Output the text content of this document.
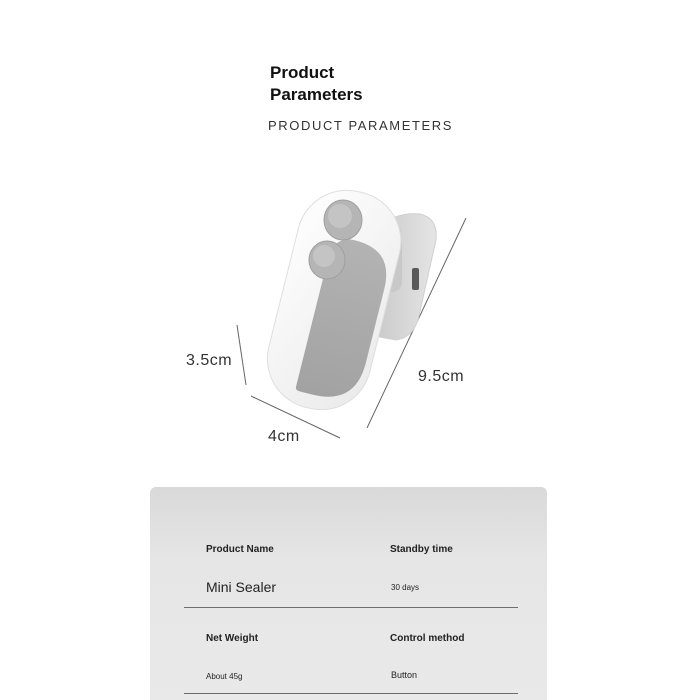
Product
Parameters
PRODUCT PARAMETERS
3.5cm
4cm
9.5cm
Product Name
Mini Sealer
Standby time
30 days
Net Weight
About 45g
Control method
Button
